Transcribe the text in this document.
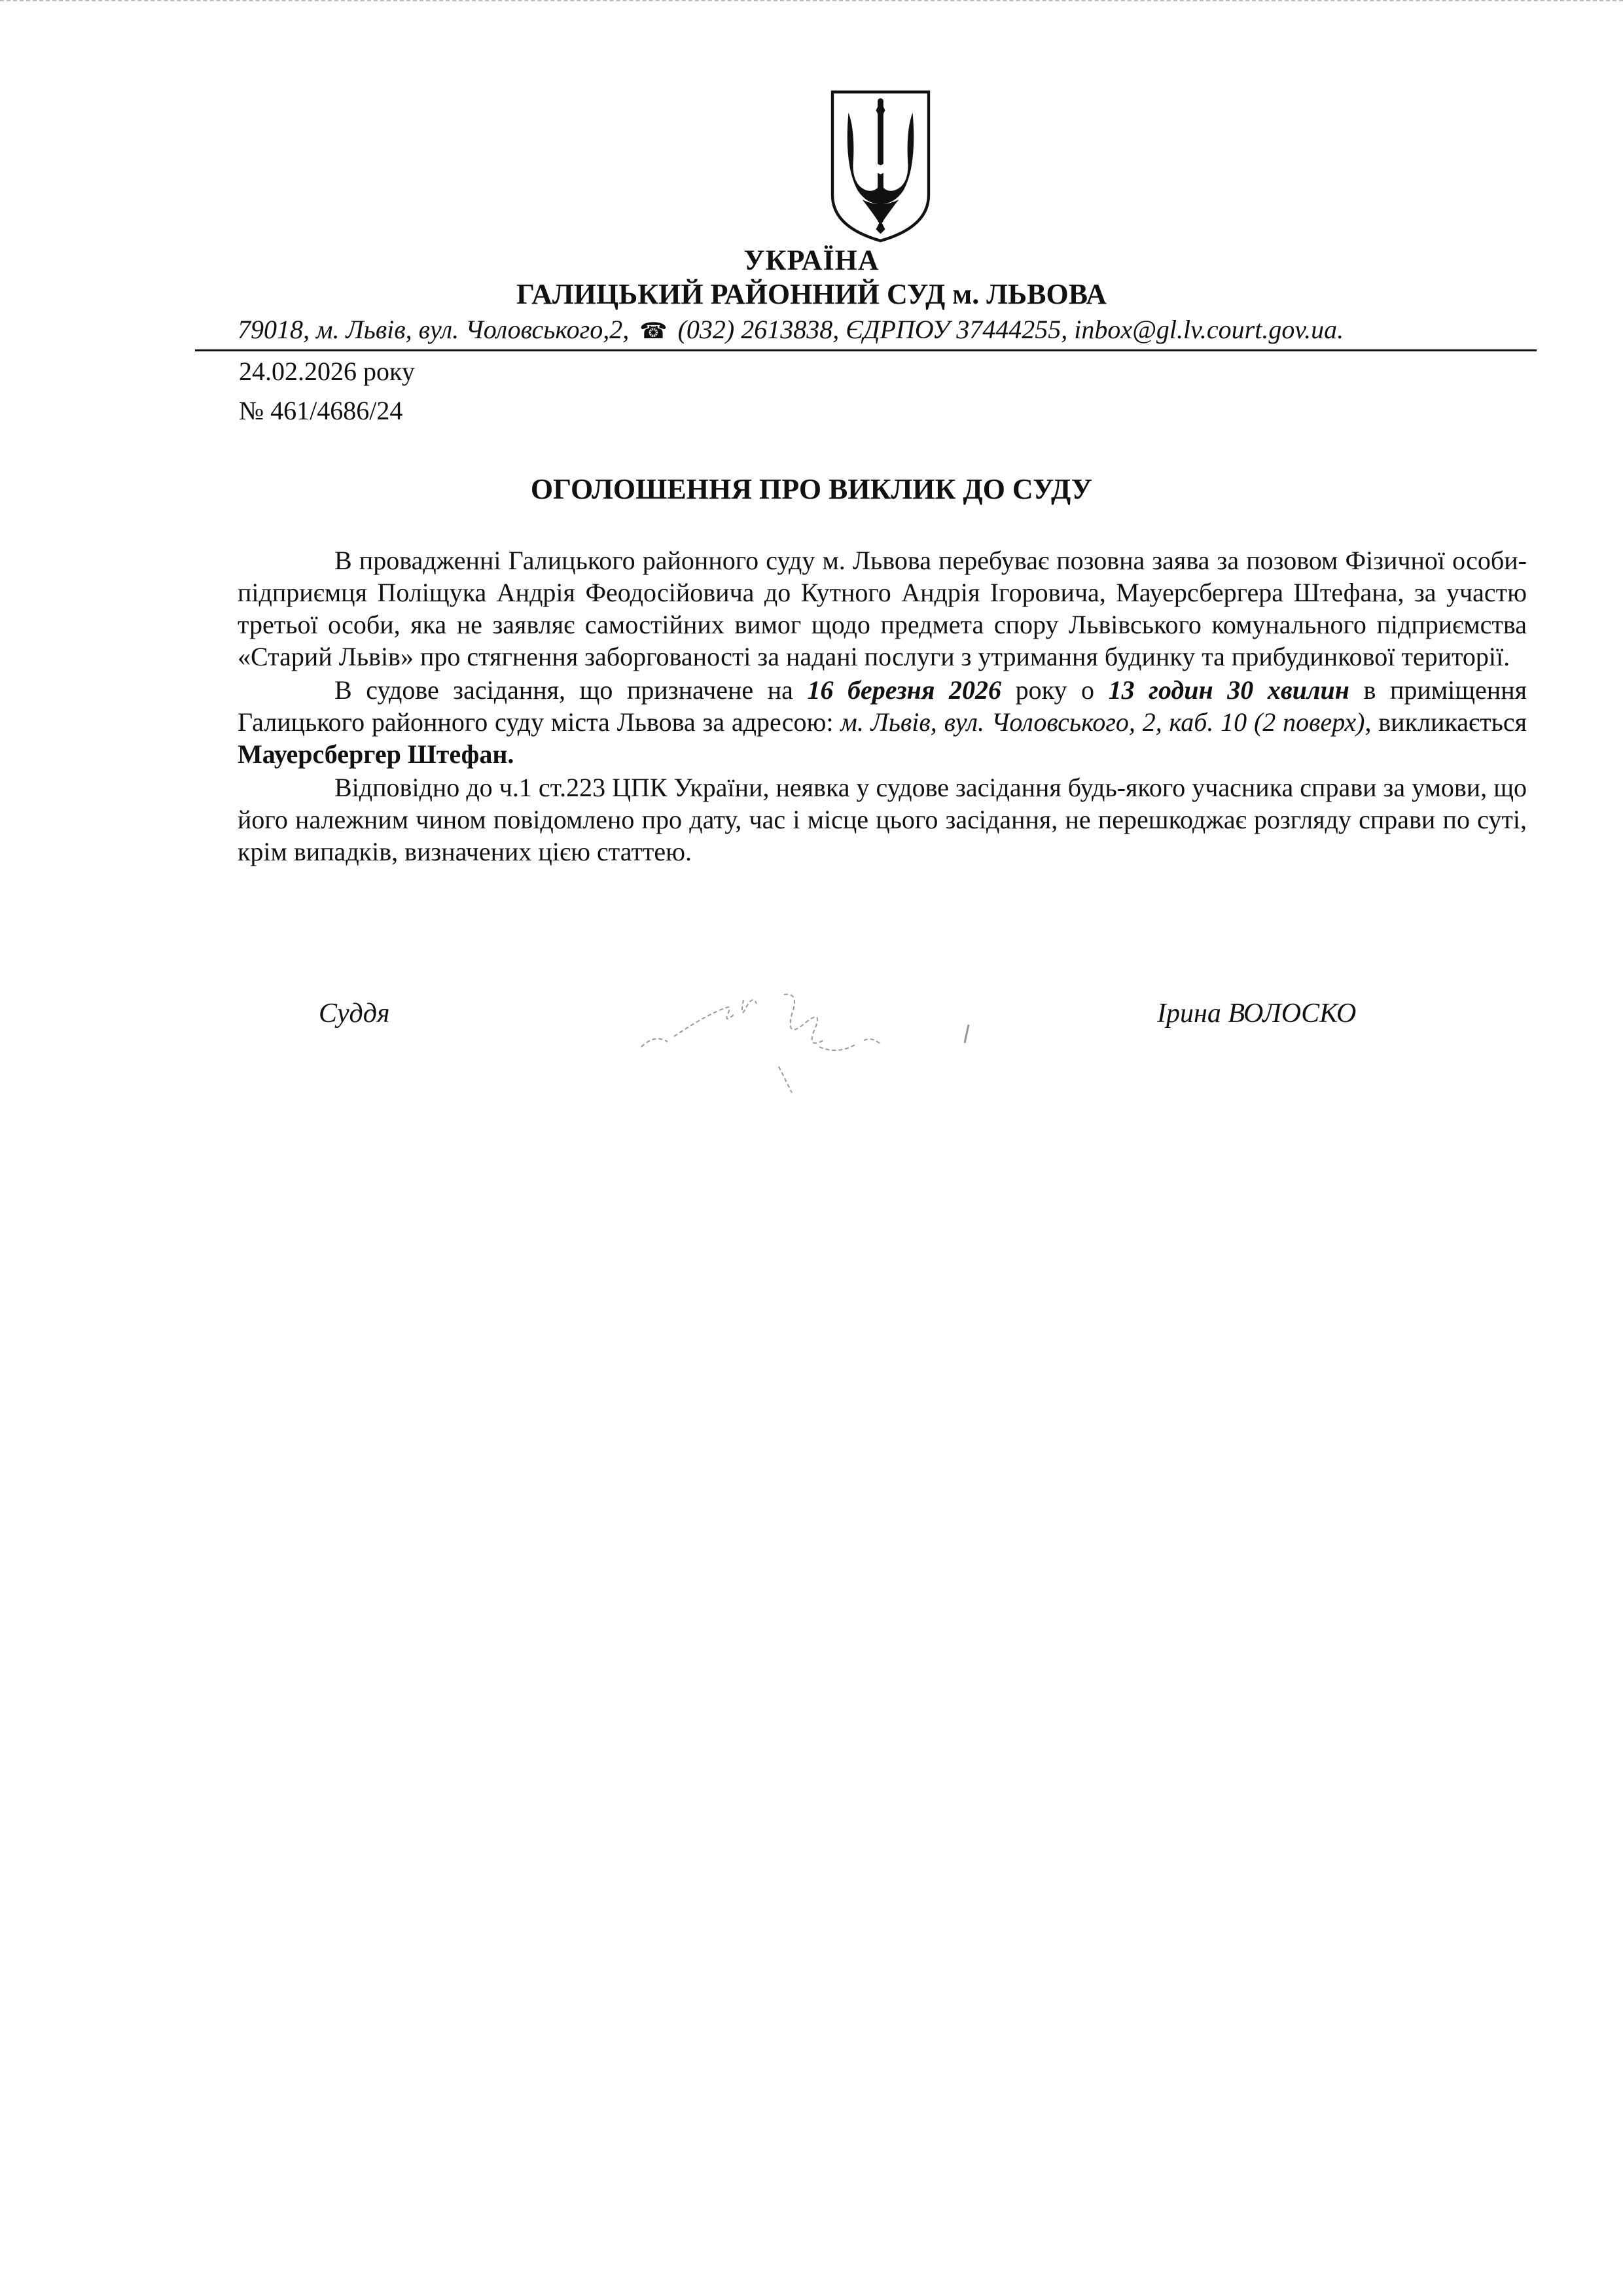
УКРАЇНА

ГАЛИЦЬКИЙ РАЙОННИЙ СУД м. ЛЬВОВА

79018, м. Львів, вул. Чоловського,2, ☎ (032) 2613838, ЄДРПОУ 37444255, inbox@gl.lv.court.gov.ua.

24.02.2026 року

№ 461/4686/24

ОГОЛОШЕННЯ ПРО ВИКЛИК ДО СУДУ

В провадженні Галицького районного суду м. Львова перебуває позовна заява за позовом Фізичної особи-підприємця Поліщука Андрія Феодосійовича до Кутного Андрія Ігоровича, Мауерсбергера Штефана, за участю третьої особи, яка не заявляє самостійних вимог щодо предмета спору Львівського комунального підприємства «Старий Львів» про стягнення заборгованості за надані послуги з утримання будинку та прибудинкової території.

В судове засідання, що призначене на 16 березня 2026 року о 13 годин 30 хвилин в приміщення Галицького районного суду міста Львова за адресою: м. Львів, вул. Чоловського, 2, каб. 10 (2 поверх), викликається Мауерсбергер Штефан.

Відповідно до ч.1 ст.223 ЦПК України, неявка у судове засідання будь-якого учасника справи за умови, що його належним чином повідомлено про дату, час і місце цього засідання, не перешкоджає розгляду справи по суті, крім випадків, визначених цією статтею.

Суддя	Ірина ВОЛОСКО
